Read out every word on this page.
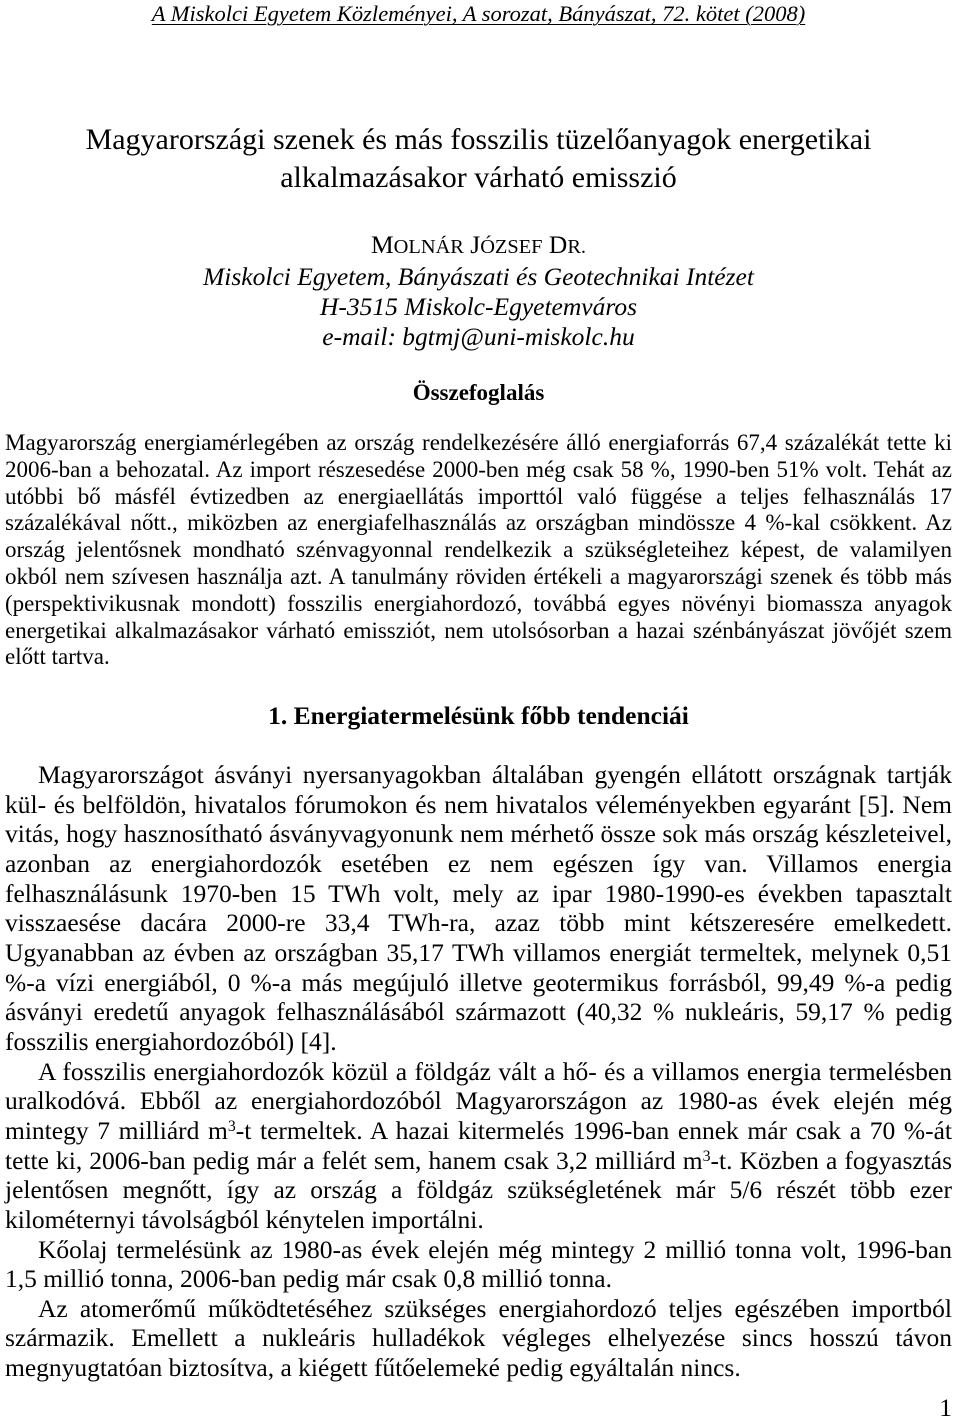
A Miskolci Egyetem Közleményei, A sorozat, Bányászat, 72. kötet (2008)
Magyarországi szenek és más fosszilis tüzelőanyagok energetikai
alkalmazásakor várható emisszió
MOLNÁR JÓZSEF DR.
Miskolci Egyetem, Bányászati és Geotechnikai Intézet
H-3515 Miskolc-Egyetemváros
e-mail: bgtmj@uni-miskolc.hu
Összefoglalás

Magyarország energiamérlegében az ország rendelkezésére álló energiaforrás 67,4 százalékát tette ki 2006-ban a behozatal. Az import részesedése 2000-ben még csak 58 %, 1990-ben 51% volt. Tehát az utóbbi bő másfél évtizedben az energiaellátás importtól való függése a teljes felhasználás 17 százalékával nőtt., miközben az energiafelhasználás az országban mindössze 4 %-kal csökkent. Az ország jelentősnek mondható szénvagyonnal rendelkezik a szükségleteihez képest, de valamilyen okból nem szívesen használja azt. A tanulmány röviden értékeli a magyarországi szenek és több más (perspektivikusnak mondott) fosszilis energiahordozó, továbbá egyes növényi biomassza anyagok energetikai alkalmazásakor várható emissziót, nem utolsósorban a hazai szénbányászat jövőjét szem előtt tartva.

1. Energiatermelésünk főbb tendenciái

Magyarországot ásványi nyersanyagokban általában gyengén ellátott országnak tartják kül- és belföldön, hivatalos fórumokon és nem hivatalos véleményekben egyaránt [5]. Nem vitás, hogy hasznosítható ásványvagyonunk nem mérhető össze sok más ország készleteivel, azonban az energiahordozók esetében ez nem egészen így van. Villamos energia felhasználásunk 1970-ben 15 TWh volt, mely az ipar 1980-1990-es években tapasztalt visszaesése dacára 2000-re 33,4 TWh-ra, azaz több mint kétszeresére emelkedett. Ugyanabban az évben az országban 35,17 TWh villamos energiát termeltek, melynek 0,51 %-a vízi energiából, 0 %-a más megújuló illetve geotermikus forrásból, 99,49 %-a pedig ásványi eredetű anyagok felhasználásából származott (40,32 % nukleáris, 59,17 % pedig fosszilis energiahordozóból) [4].

A fosszilis energiahordozók közül a földgáz vált a hő- és a villamos energia termelésben uralkodóvá. Ebből az energiahordozóból Magyarországon az 1980-as évek elején még mintegy 7 milliárd $m^3-t$ termeltek. A hazai kitermelés 1996-ban ennek már csak a 70 %-át tette ki, 2006-ban pedig már a felét sem, hanem csak 3,2 milliárd $m^3-t$. Közben a fogyasztás jelentősen megnőtt, így az ország a földgáz szükségletének már 5/6 részét több ezer kilométernyi távolságból kénytelen importálni.

Kőolaj termelésünk az 1980-as évek elején még mintegy 2 millió tonna volt, 1996-ban 1,5 millió tonna, 2006-ban pedig már csak 0,8 millió tonna.

Az atomerőmű működtetéséhez szükséges energiahordozó teljes egészében importból származik. Emellett a nukleáris hulladékok végleges elhelyezése sincs hosszú távon megnyugtatóan biztosítva, a kiégett fűtőelemeké pedig egyáltalán nincs.

1
